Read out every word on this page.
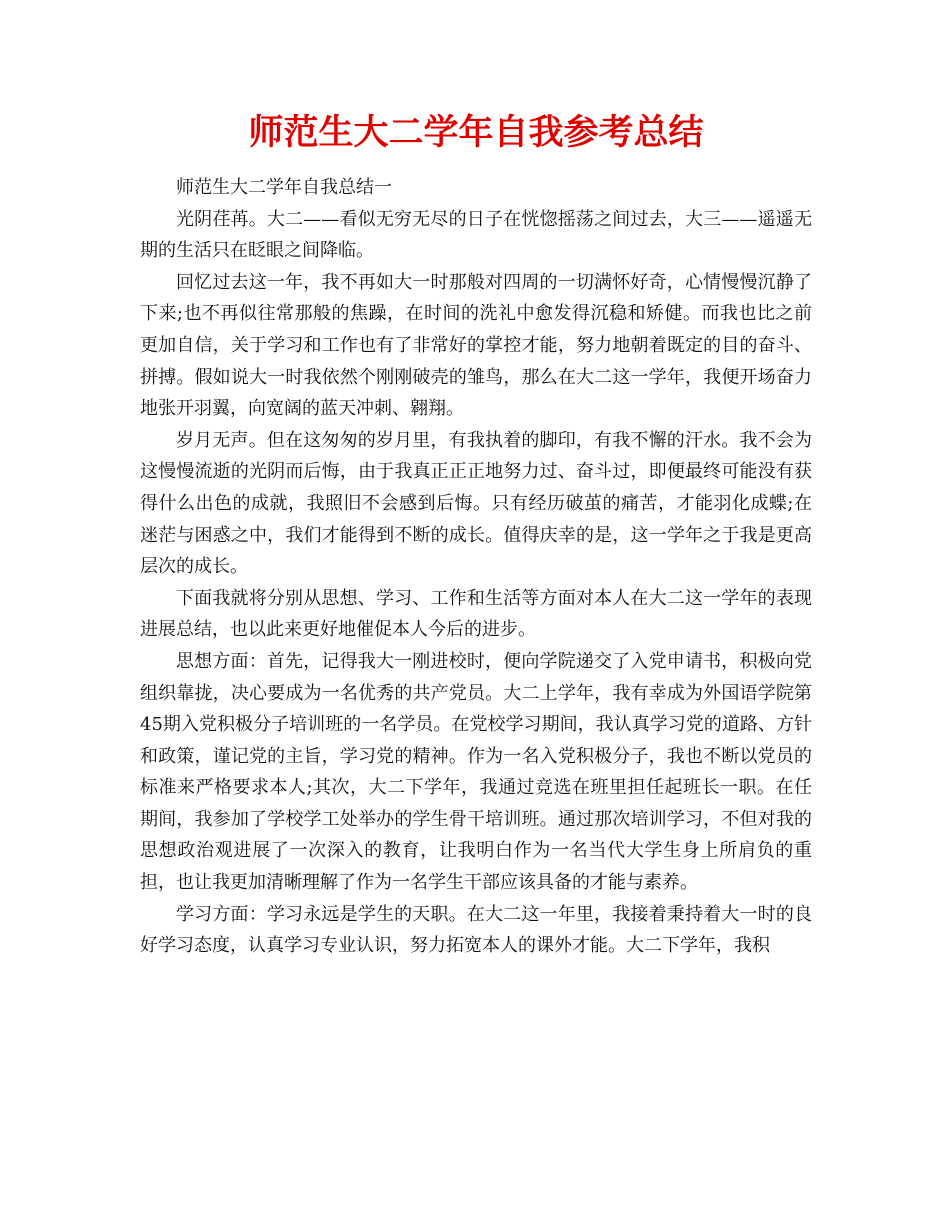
师范生大二学年自我参考总结

师范生大二学年自我总结一

光阴荏苒。大二——看似无穷无尽的日子在恍惚摇荡之间过去，大三——遥遥无期的生活只在眨眼之间降临。

回忆过去这一年，我不再如大一时那般对四周的一切满怀好奇，心情慢慢沉静了下来;也不再似往常那般的焦躁，在时间的洗礼中愈发得沉稳和矫健。而我也比之前更加自信，关于学习和工作也有了非常好的掌控才能，努力地朝着既定的目的奋斗、拼搏。假如说大一时我依然个刚刚破壳的雏鸟，那么在大二这一学年，我便开场奋力地张开羽翼，向宽阔的蓝天冲刺、翱翔。

岁月无声。但在这匆匆的岁月里，有我执着的脚印，有我不懈的汗水。我不会为这慢慢流逝的光阴而后悔，由于我真正正正地努力过、奋斗过，即便最终可能没有获得什么出色的成就，我照旧不会感到后悔。只有经历破茧的痛苦，才能羽化成蝶;在迷茫与困惑之中，我们才能得到不断的成长。值得庆幸的是，这一学年之于我是更高层次的成长。

下面我就将分别从思想、学习、工作和生活等方面对本人在大二这一学年的表现进展总结，也以此来更好地催促本人今后的进步。

思想方面：首先，记得我大一刚进校时，便向学院递交了入党申请书，积极向党组织靠拢，决心要成为一名优秀的共产党员。大二上学年，我有幸成为外国语学院第45期入党积极分子培训班的一名学员。在党校学习期间，我认真学习党的道路、方针和政策，谨记党的主旨，学习党的精神。作为一名入党积极分子，我也不断以党员的标准来严格要求本人;其次，大二下学年，我通过竞选在班里担任起班长一职。在任期间，我参加了学校学工处举办的学生骨干培训班。通过那次培训学习，不但对我的思想政治观进展了一次深入的教育，让我明白作为一名当代大学生身上所肩负的重担，也让我更加清晰理解了作为一名学生干部应该具备的才能与素养。

学习方面：学习永远是学生的天职。在大二这一年里，我接着秉持着大一时的良好学习态度，认真学习专业认识，努力拓宽本人的课外才能。大二下学年，我积
